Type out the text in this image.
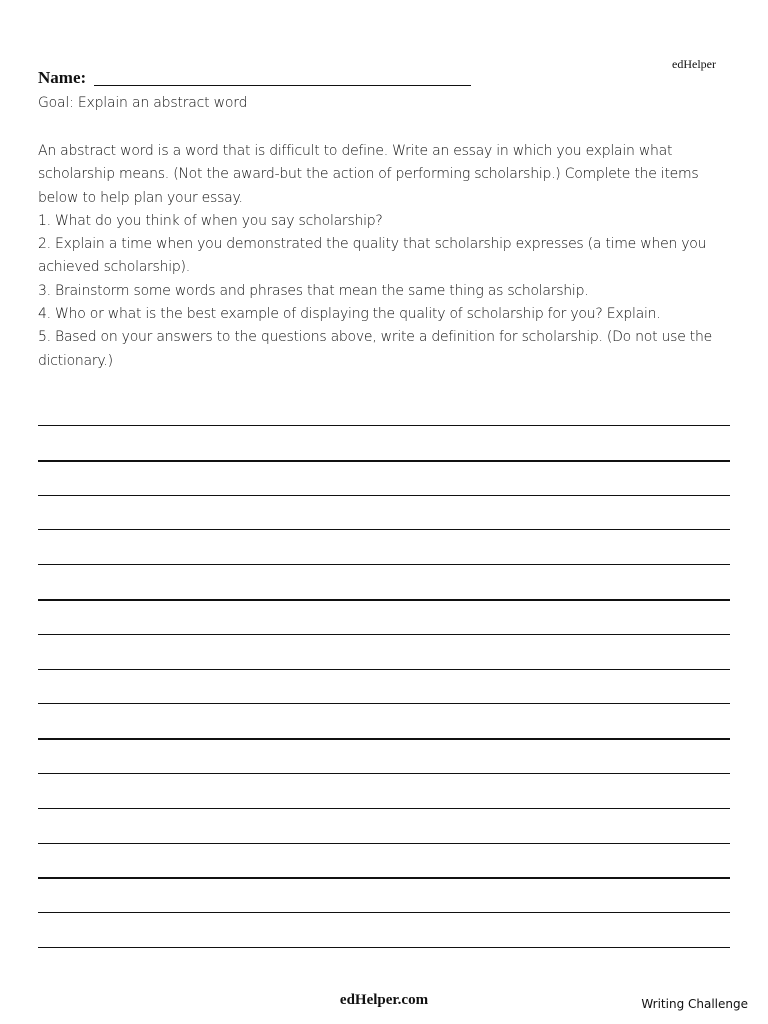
edHelper
Name:
Goal: Explain an abstract word

An abstract word is a word that is difficult to define. Write an essay in which you explain what scholarship means. (Not the award-but the action of performing scholarship.) Complete the items below to help plan your essay.

1. What do you think of when you say scholarship?

2. Explain a time when you demonstrated the quality that scholarship expresses (a time when you achieved scholarship).

3. Brainstorm some words and phrases that mean the same thing as scholarship.

4. Who or what is the best example of displaying the quality of scholarship for you? Explain.

5. Based on your answers to the questions above, write a definition for scholarship. (Do not use the dictionary.)

edHelper.com	Writing Challenge
